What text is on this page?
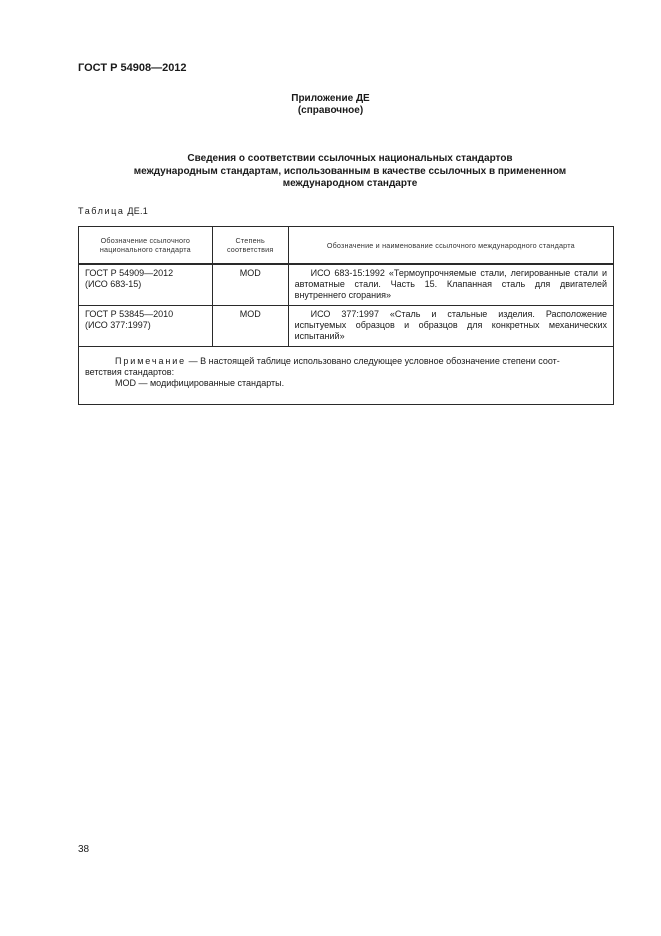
ГОСТ Р 54908—2012
Приложение ДЕ
(справочное)
Сведения о соответствии ссылочных национальных стандартов
международным стандартам, использованным в качестве ссылочных в примененном
международном стандарте
Таблица ДЕ.1
Обозначение ссылочного национального стандарта	Степень соответствия	Обозначение и наименование ссылочного международного стандарта

ГОСТ Р 54909—2012
(ИСО 683-15)	MOD	ИСО 683-15:1992 «Термоупрочняемые стали, легированные стали и автоматные стали. Часть 15. Клапанная сталь для двигателей внутреннего сгорания»

ГОСТ Р 53845—2010
(ИСО 377:1997)	MOD	ИСО 377:1997 «Сталь и стальные изделия. Расположение испытуемых образцов и образцов для конкретных механических испытаний»

Примечание — В настоящей таблице использовано следующее условное обозначение степени соот-
ветствия стандартов:
MOD — модифицированные стандарты.		
38
